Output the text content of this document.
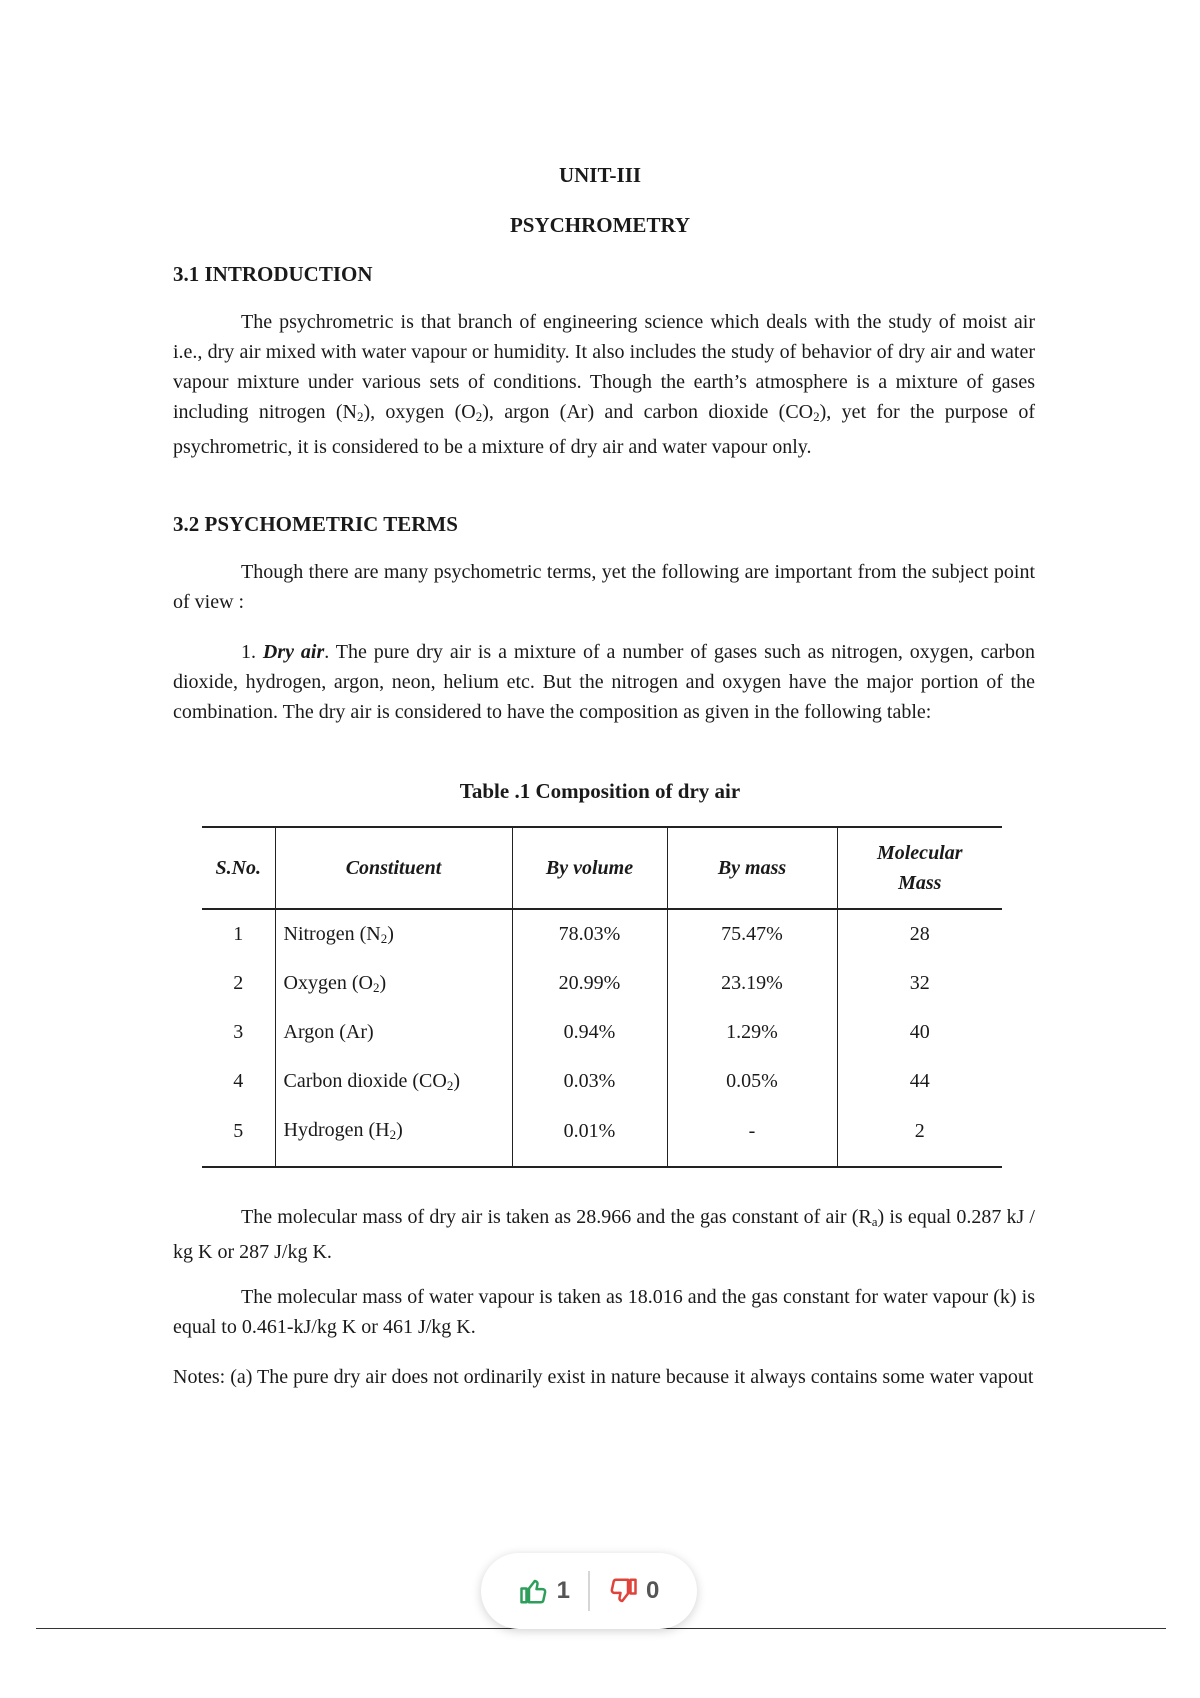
UNIT-III
PSYCHROMETRY
3.1 INTRODUCTION
The psychrometric is that branch of engineering science which deals with the study of moist air i.e., dry air mixed with water vapour or humidity. It also includes the study of behavior of dry air and water vapour mixture under various sets of conditions. Though the earth’s atmosphere is a mixture of gases including nitrogen $(N_2)$, oxygen $(O_2)$, argon (Ar) and carbon dioxide $(CO_2)$, yet for the purpose of psychrometric, it is considered to be a mixture of dry air and water vapour only.
3.2 PSYCHOMETRIC TERMS
Though there are many psychometric terms, yet the following are important from the subject point of view :
1. Dry air. The pure dry air is a mixture of a number of gases such as nitrogen, oxygen, carbon dioxide, hydrogen, argon, neon, helium etc. But the nitrogen and oxygen have the major portion of the combination. The dry air is considered to have the composition as given in the following table:
Table .1 Composition of dry air
S.No.	Constituent	By volume	By mass	Molecular
Mass
1	Nitrogen $(N_2)$	78.03%	75.47%	28
2	Oxygen $(O_2)$	20.99%	23.19%	32
3	Argon (Ar)	0.94%	1.29%	40
4	Carbon dioxide $(CO_2)$	0.03%	0.05%	44
5	Hydrogen $(H_2)$	0.01%	-	2
The molecular mass of dry air is taken as 28.966 and the gas constant of air $(R_a)$ is equal 0.287 kJ / kg K or 287 J/kg K.
The molecular mass of water vapour is taken as 18.016 and the gas constant for water vapour (k) is equal to 0.461-kJ/kg K or 461 J/kg K.
Notes: (a) The pure dry air does not ordinarily exist in nature because it always contains some water vapout
1	0
